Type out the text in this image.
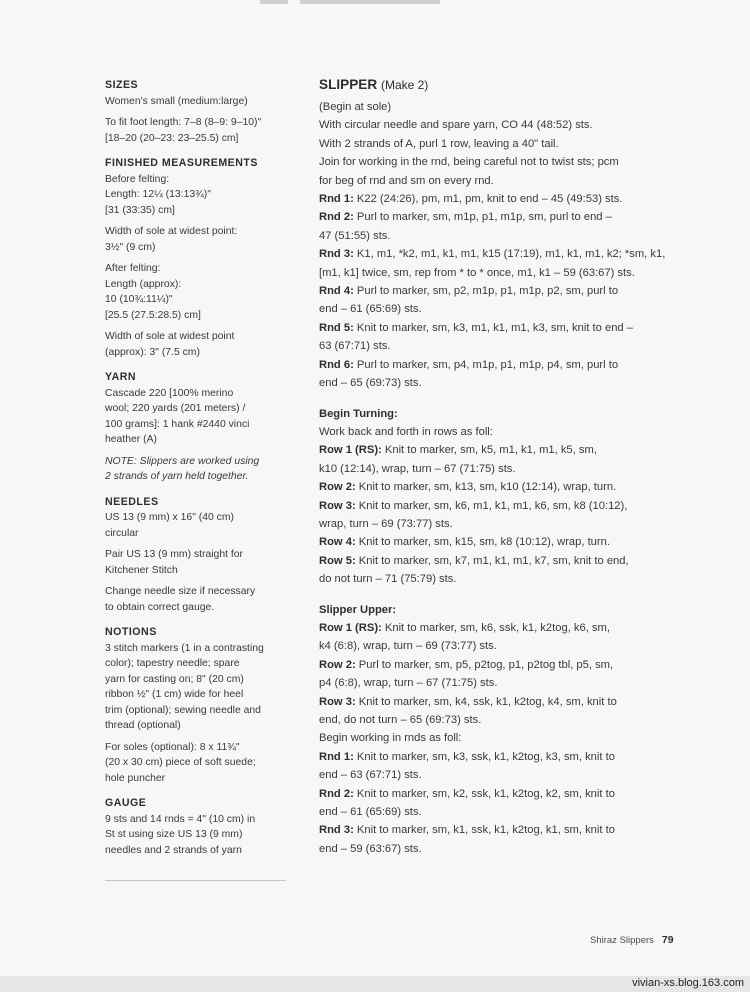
SIZES

Women's small (medium:large)

To fit foot length: 7–8 (8–9: 9–10)"

[18–20 (20–23: 23–25.5) cm]

FINISHED MEASUREMENTS

Before felting:

Length: 12¼ (13:13¾)"

[31 (33:35) cm]

Width of sole at widest point:

3½" (9 cm)

After felting:

Length (approx):

10 (10¾:11¼)"

[25.5 (27.5:28.5) cm]

Width of sole at widest point

(approx): 3" (7.5 cm)

YARN

Cascade 220 [100% merino

wool; 220 yards (201 meters) /

100 grams]: 1 hank #2440 vinci

heather (A)

NOTE: Slippers are worked using

2 strands of yarn held together.

NEEDLES

US 13 (9 mm) x 16" (40 cm)

circular

Pair US 13 (9 mm) straight for

Kitchener Stitch

Change needle size if necessary

to obtain correct gauge.

NOTIONS

3 stitch markers (1 in a contrasting

color); tapestry needle; spare

yarn for casting on; 8" (20 cm)

ribbon ½" (1 cm) wide for heel

trim (optional); sewing needle and

thread (optional)

For soles (optional): 8 x 11¾"

(20 x 30 cm) piece of soft suede;

hole puncher

GAUGE

9 sts and 14 rnds = 4" (10 cm) in

St st using size US 13 (9 mm)

needles and 2 strands of yarn

SLIPPER (Make 2)

(Begin at sole)

With circular needle and spare yarn, CO 44 (48:52) sts.

With 2 strands of A, purl 1 row, leaving a 40" tail.

Join for working in the rnd, being careful not to twist sts; pcm

for beg of rnd and sm on every rnd.

Rnd 1: K22 (24:26), pm, m1, pm, knit to end – 45 (49:53) sts.

Rnd 2: Purl to marker, sm, m1p, p1, m1p, sm, purl to end –

47 (51:55) sts.

Rnd 3: K1, m1, *k2, m1, k1, m1, k15 (17:19), m1, k1, m1, k2; *sm, k1,

[m1, k1] twice, sm, rep from * to * once, m1, k1 – 59 (63:67) sts.

Rnd 4: Purl to marker, sm, p2, m1p, p1, m1p, p2, sm, purl to

end – 61 (65:69) sts.

Rnd 5: Knit to marker, sm, k3, m1, k1, m1, k3, sm, knit to end –

63 (67:71) sts.

Rnd 6: Purl to marker, sm, p4, m1p, p1, m1p, p4, sm, purl to

end – 65 (69:73) sts.

Begin Turning:

Work back and forth in rows as foll:

Row 1 (RS): Knit to marker, sm, k5, m1, k1, m1, k5, sm,

k10 (12:14), wrap, turn – 67 (71:75) sts.

Row 2: Knit to marker, sm, k13, sm, k10 (12:14), wrap, turn.

Row 3: Knit to marker, sm, k6, m1, k1, m1, k6, sm, k8 (10:12),

wrap, turn – 69 (73:77) sts.

Row 4: Knit to marker, sm, k15, sm, k8 (10:12), wrap, turn.

Row 5: Knit to marker, sm, k7, m1, k1, m1, k7, sm, knit to end,

do not turn – 71 (75:79) sts.

Slipper Upper:

Row 1 (RS): Knit to marker, sm, k6, ssk, k1, k2tog, k6, sm,

k4 (6:8), wrap, turn – 69 (73:77) sts.

Row 2: Purl to marker, sm, p5, p2tog, p1, p2tog tbl, p5, sm,

p4 (6:8), wrap, turn – 67 (71:75) sts.

Row 3: Knit to marker, sm, k4, ssk, k1, k2tog, k4, sm, knit to

end, do not turn – 65 (69:73) sts.

Begin working in rnds as foll:

Rnd 1: Knit to marker, sm, k3, ssk, k1, k2tog, k3, sm, knit to

end – 63 (67:71) sts.

Rnd 2: Knit to marker, sm, k2, ssk, k1, k2tog, k2, sm, knit to

end – 61 (65:69) sts.

Rnd 3: Knit to marker, sm, k1, ssk, k1, k2tog, k1, sm, knit to

end – 59 (63:67) sts.

Shiraz Slippers 79
vivian-xs.blog.163.com
